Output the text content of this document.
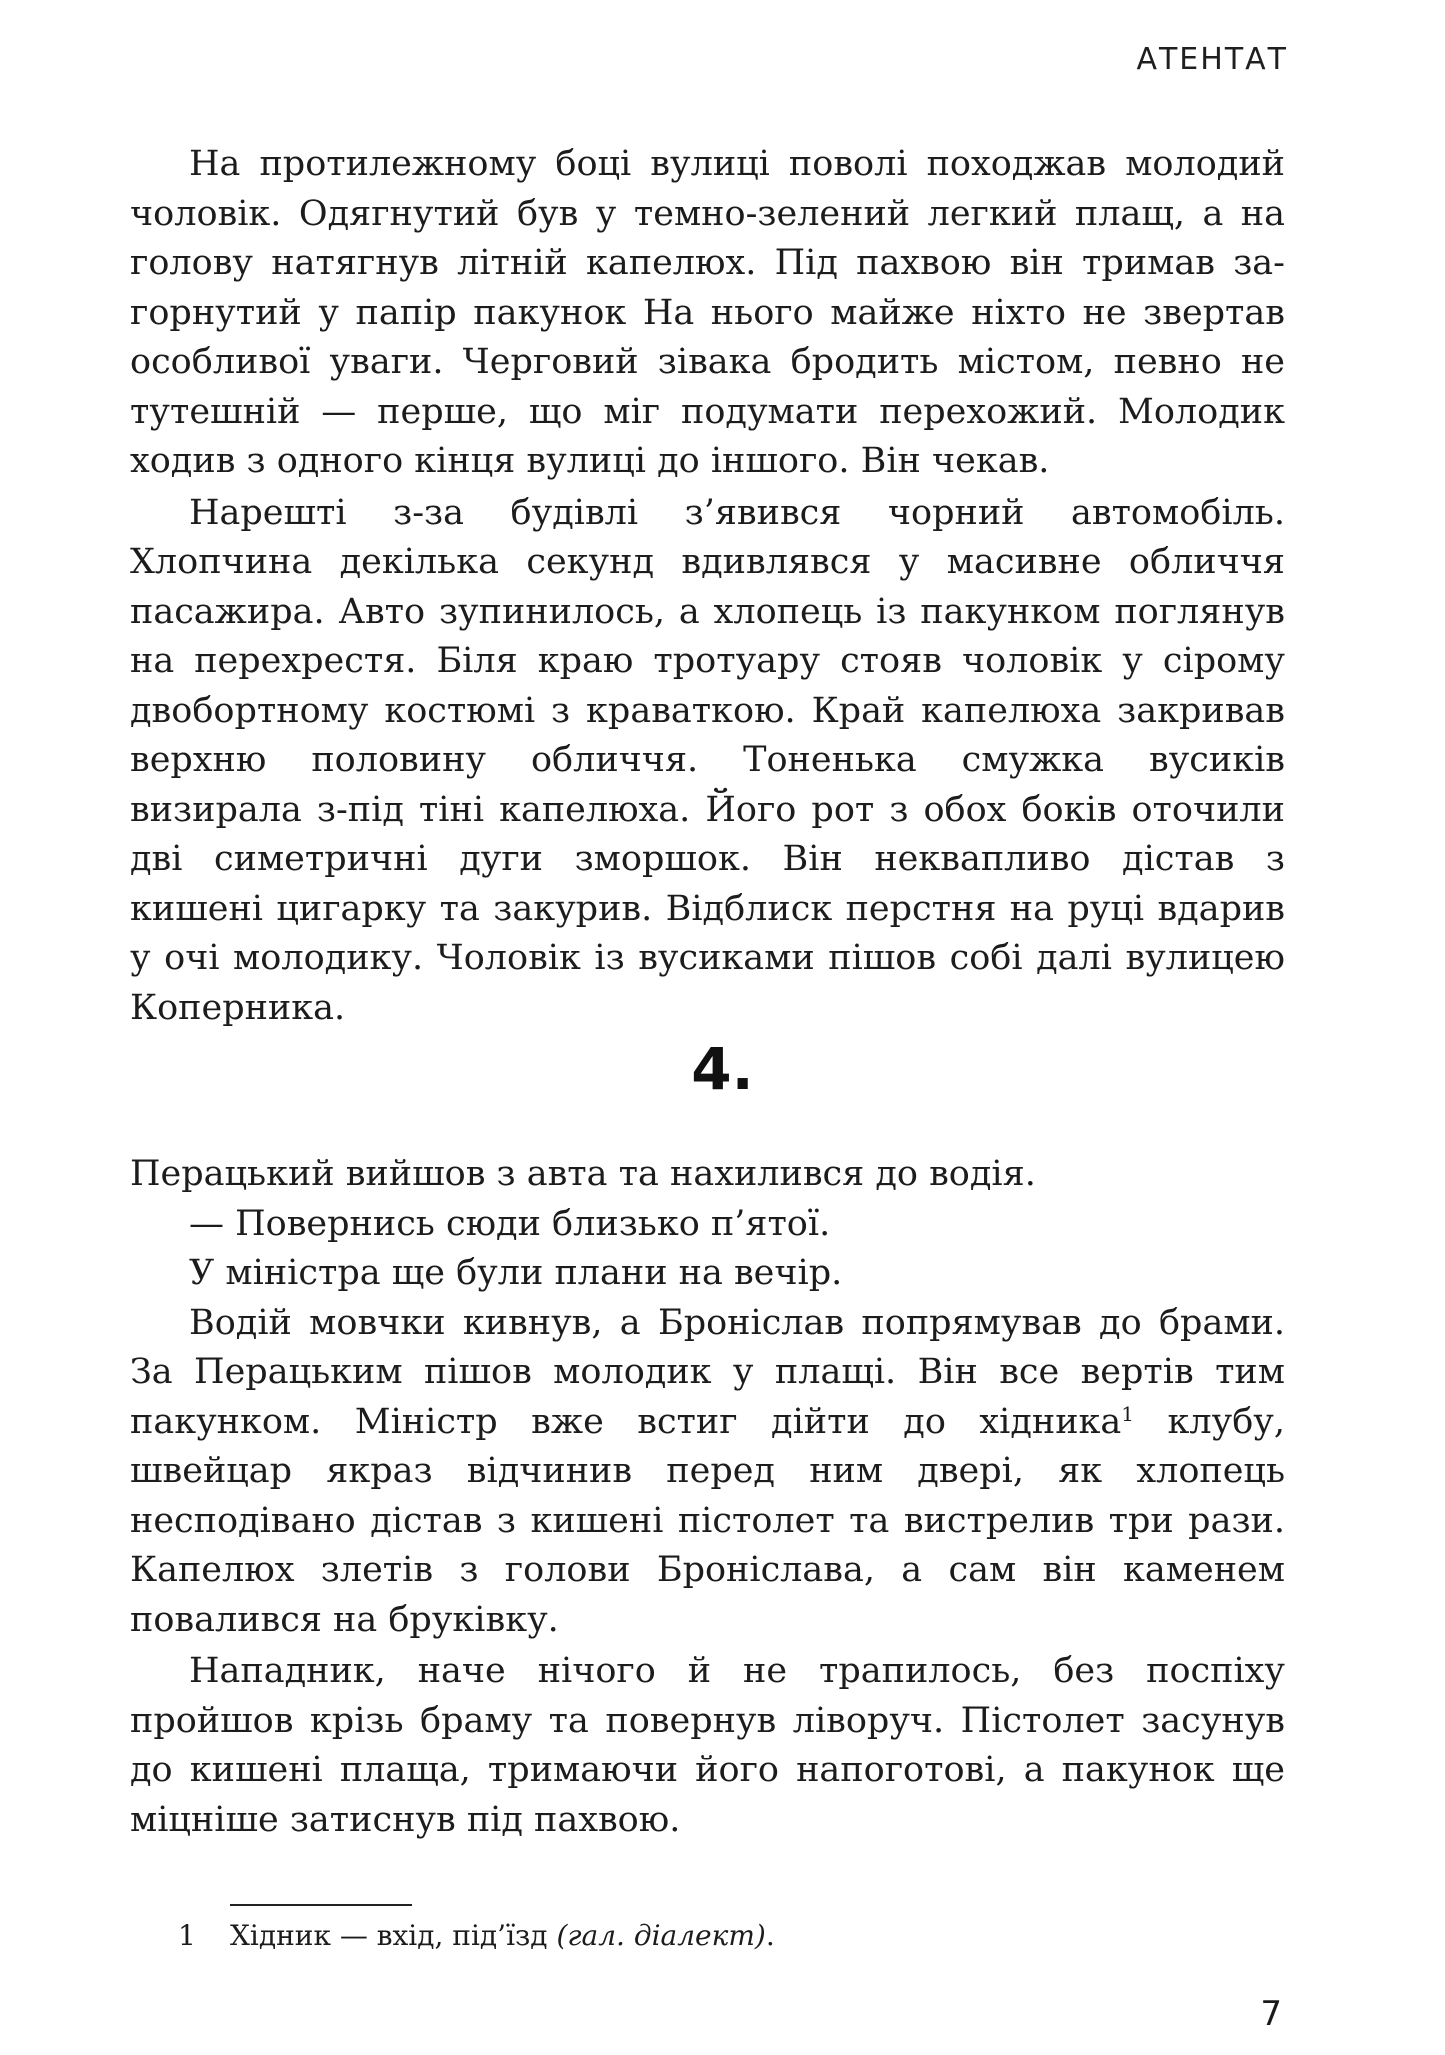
АТЕНТАТ

На протилежному боці вулиці поволі походжав молодий чоловік. Одягнутий був у темно-зелений легкий плащ, а на голову натягнув літній капелюх. Під пахвою він тримав загорнутий у папір пакунок На нього майже ніхто не звертав особливої уваги. Черговий зівака бродить містом, певно не тутешній — перше, що міг подумати перехожий. Молодик ходив з одного кінця вулиці до іншого. Він чекав.

Нарешті з-за будівлі з’явився чорний автомобіль. Хлопчина декілька секунд вдивлявся у масивне обличчя пасажира. Авто зупинилось, а хлопець із пакунком поглянув на перехрестя. Біля краю тротуару стояв чоловік у сірому двобортному костюмі з краваткою. Край капелюха закривав верхню половину обличчя. Тоненька смужка вусиків визирала з-під тіні капелюха. Його рот з обох боків оточили дві симетричні дуги зморшок. Він неквапливо дістав з кишені цигарку та закурив. Відблиск перстня на руці вдарив у очі молодику. Чоловік із вусиками пішов собі далі вулицею Коперника.

4.

Перацький вийшов з авта та нахилився до водія.

— Повернись сюди близько п’ятої.

У міністра ще були плани на вечір.

Водій мовчки кивнув, а Броніслав попрямував до брами. За Перацьким пішов молодик у плащі. Він все вертів тим пакунком. Міністр вже встиг дійти до хідника$^1$ клубу, швейцар якраз відчинив перед ним двері, як хлопець несподівано дістав з кишені пістолет та вистрелив три рази. Капелюх злетів з голови Броніслава, а сам він каменем повалився на бруківку.

Нападник, наче нічого й не трапилось, без поспіху пройшов крізь браму та повернув ліворуч. Пістолет засунув до кишені плаща, тримаючи його напоготові, а пакунок ще міцніше затиснув під пахвою.

1 Хідник — вхід, під’їзд (гал. діалект).
7
